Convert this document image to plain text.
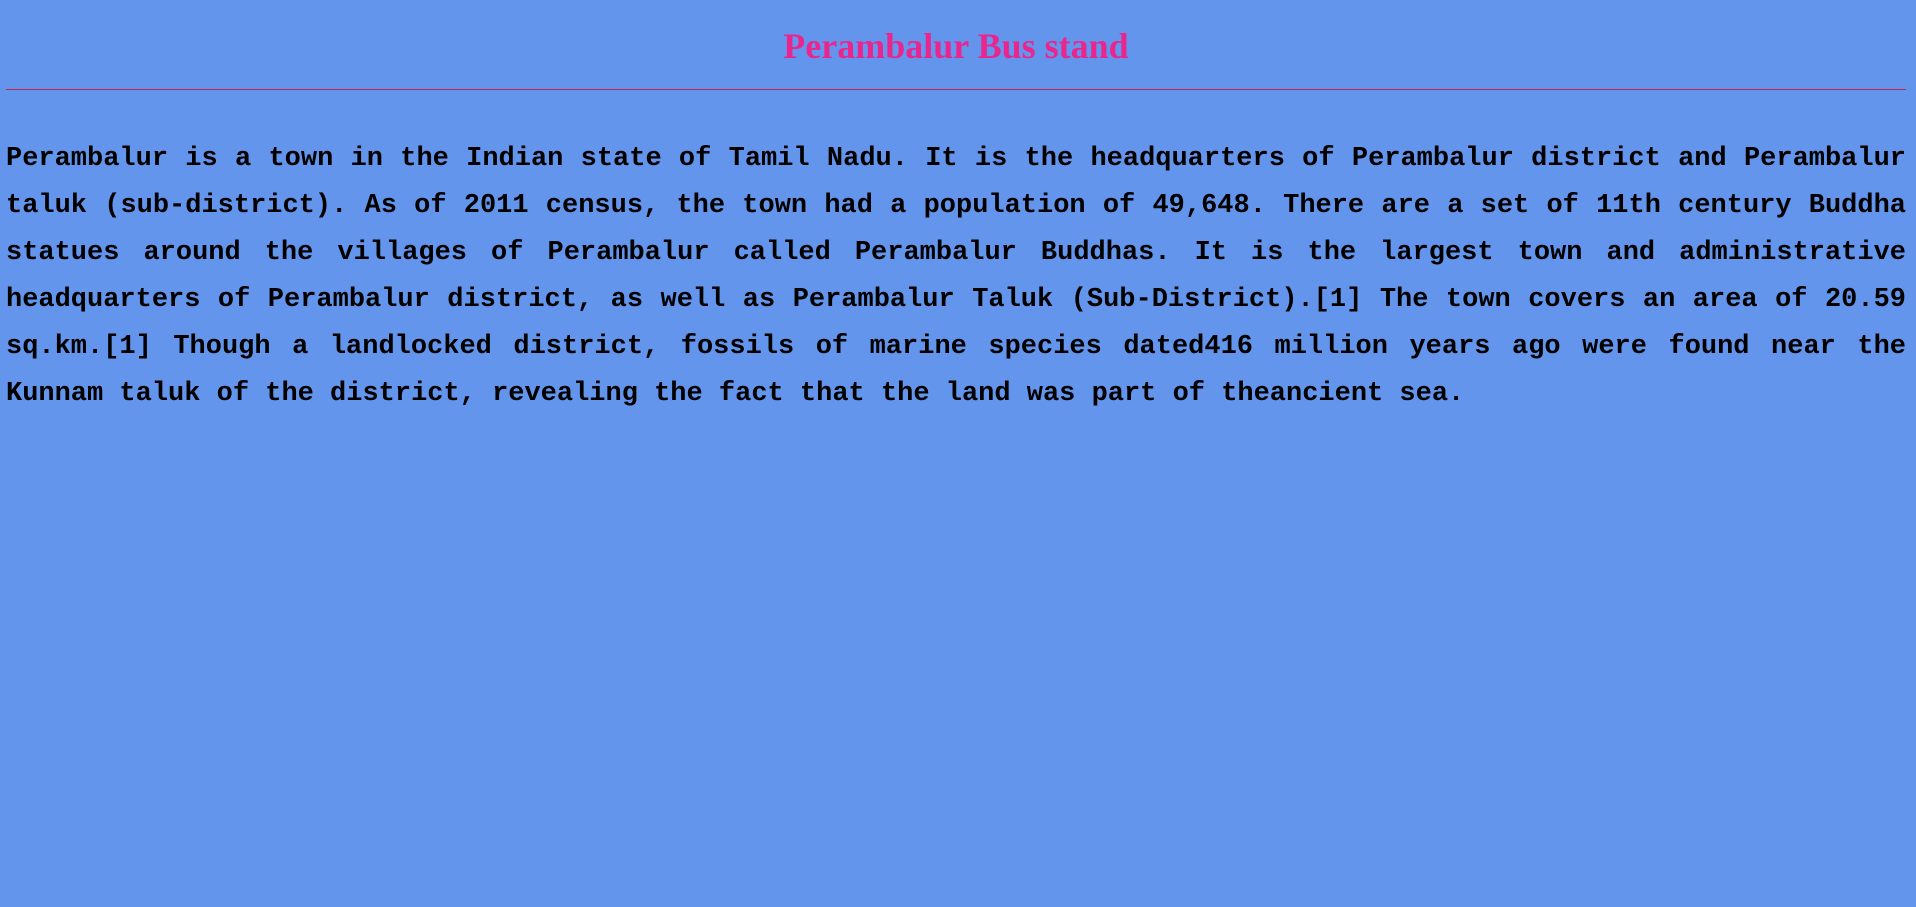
Perambalur Bus stand

Perambalur is a town in the Indian state of Tamil Nadu. It is the headquarters of Perambalur district and Perambalur taluk (sub-district). As of 2011 census, the town had a population of 49,648. There are a set of 11th century Buddha statues around the villages of Perambalur called Perambalur Buddhas. It is the largest town and administrative headquarters of Perambalur district, as well as Perambalur Taluk (Sub-District).[1] The town covers an area of 20.59 sq.km.[1] Though a landlocked district, fossils of marine species dated416 million years ago were found near the Kunnam taluk of the district, revealing the fact that the land was part of theancient sea.
